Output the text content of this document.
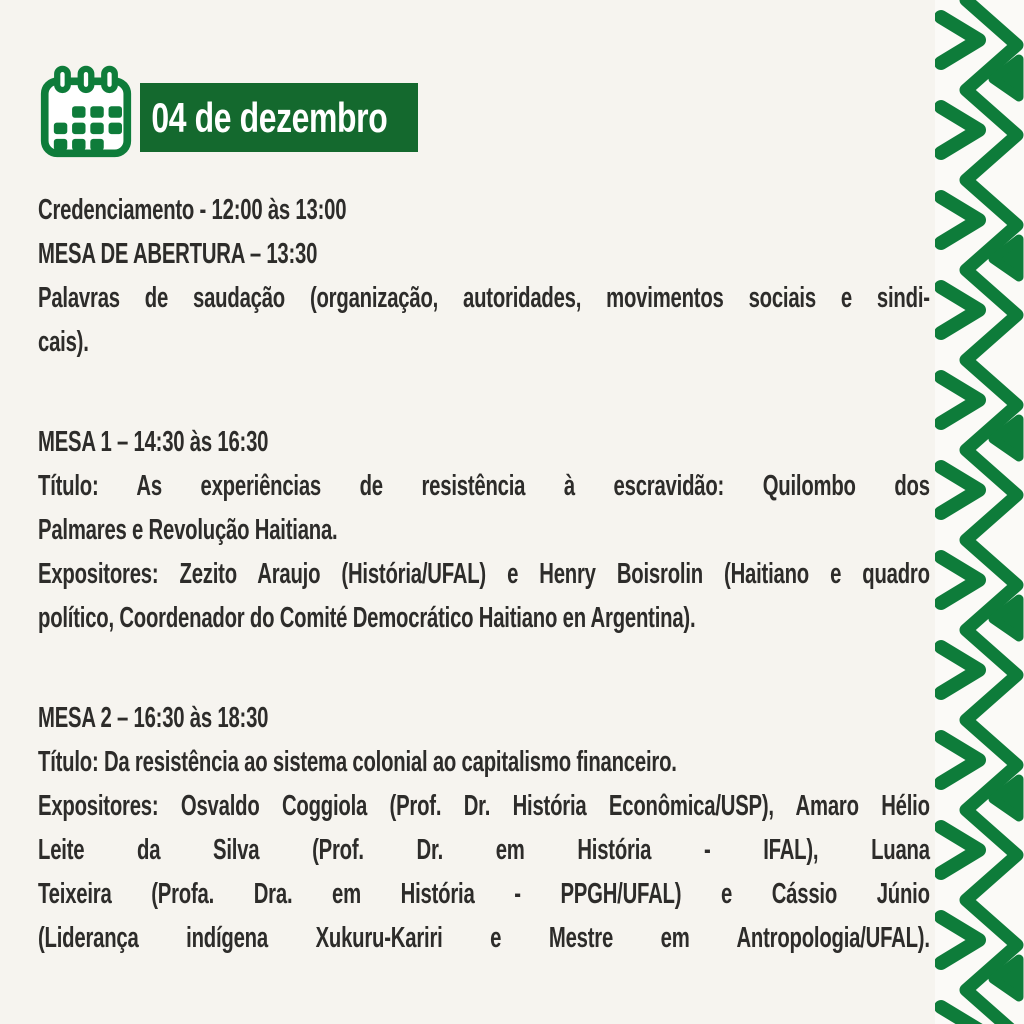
04 de dezembro
Credenciamento - 12:00 às 13:00
MESA DE ABERTURA – 13:30
Palavras de saudação (organização, autoridades, movimentos sociais e sindi-
cais).
MESA 1 – 14:30 às 16:30
Título: As experiências de resistência à escravidão: Quilombo dos
Palmares e Revolução Haitiana.
Expositores: Zezito Araujo (História/UFAL) e Henry Boisrolin (Haitiano e quadro
político, Coordenador do Comité Democrático Haitiano en Argentina).
MESA 2 – 16:30 às 18:30
Título: Da resistência ao sistema colonial ao capitalismo financeiro.
Expositores: Osvaldo Coggiola (Prof. Dr. História Econômica/USP), Amaro Hélio
Leite da Silva (Prof. Dr. em História - IFAL), Luana
Teixeira (Profa. Dra. em História - PPGH/UFAL) e Cássio Júnio
(Liderança indígena Xukuru-Kariri e Mestre em Antropologia/UFAL).
